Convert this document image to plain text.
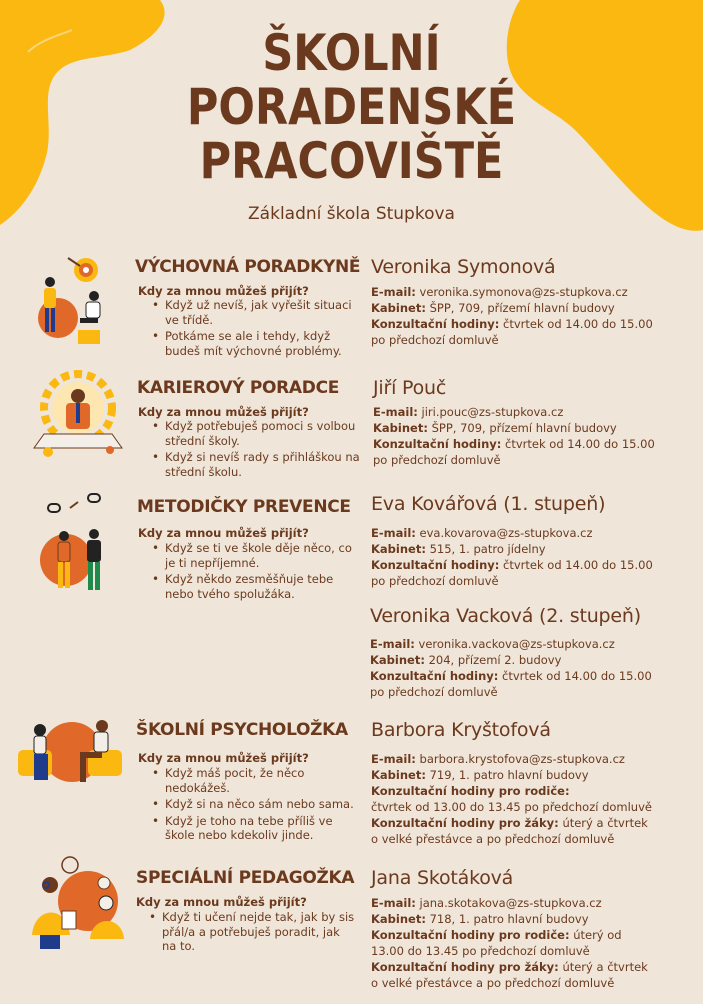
ŠKOLNÍ
PORADENSKÉ
PRACOVIŠTĚ
Základní škola Stupkova
VÝCHOVNÁ PORADKYNĚ
Kdy za mnou můžeš přijít?
• Když už nevíš, jak vyřešit situaci ve třídě.
• Potkáme se ale i tehdy, když budeš mít výchovné problémy.
Veronika Symonová
E-mail: veronika.symonova@zs-stupkova.cz
Kabinet: ŠPP, 709, přízemí hlavní budovy
Konzultační hodiny: čtvrtek od 14.00 do 15.00
po předchozí domluvě
KARIEROVÝ PORADCE
Kdy za mnou můžeš přijít?
• Když potřebuješ pomoci s volbou střední školy.
• Když si nevíš rady s přihláškou na střední školu.
Jiří Pouč
E-mail: jiri.pouc@zs-stupkova.cz
Kabinet: ŠPP, 709, přízemí hlavní budovy
Konzultační hodiny: čtvrtek od 14.00 do 15.00
po předchozí domluvě
METODIČKY PREVENCE
Kdy za mnou můžeš přijít?
• Když se ti ve škole děje něco, co je ti nepříjemné.
• Když někdo zesměšňuje tebe nebo tvého spolužáka.
Eva Kovářová (1. stupeň)
E-mail: eva.kovarova@zs-stupkova.cz
Kabinet: 515, 1. patro jídelny
Konzultační hodiny: čtvrtek od 14.00 do 15.00
po předchozí domluvě
Veronika Vacková (2. stupeň)
E-mail: veronika.vackova@zs-stupkova.cz
Kabinet: 204, přízemí 2. budovy
Konzultační hodiny: čtvrtek od 14.00 do 15.00
po předchozí domluvě
ŠKOLNÍ PSYCHOLOŽKA
Kdy za mnou můžeš přijít?
• Když máš pocit, že něco nedokážeš.
• Když si na něco sám nebo sama.
• Když je toho na tebe příliš ve škole nebo kdekoliv jinde.
Barbora Kryštofová
E-mail: barbora.krystofova@zs-stupkova.cz
Kabinet: 719, 1. patro hlavní budovy
Konzultační hodiny pro rodiče:
čtvrtek od 13.00 do 13.45 po předchozí domluvě
Konzultační hodiny pro žáky: úterý a čtvrtek
o velké přestávce a po předchozí domluvě
SPECIÁLNÍ PEDAGOŽKA
Kdy za mnou můžeš přijít?
• Když ti učení nejde tak, jak by sis přál/a a potřebuješ poradit, jak na to.
Jana Skotáková
E-mail: jana.skotakova@zs-stupkova.cz
Kabinet: 718, 1. patro hlavní budovy
Konzultační hodiny pro rodiče: úterý od
13.00 do 13.45 po předchozí domluvě
Konzultační hodiny pro žáky: úterý a čtvrtek
o velké přestávce a po předchozí domluvě
